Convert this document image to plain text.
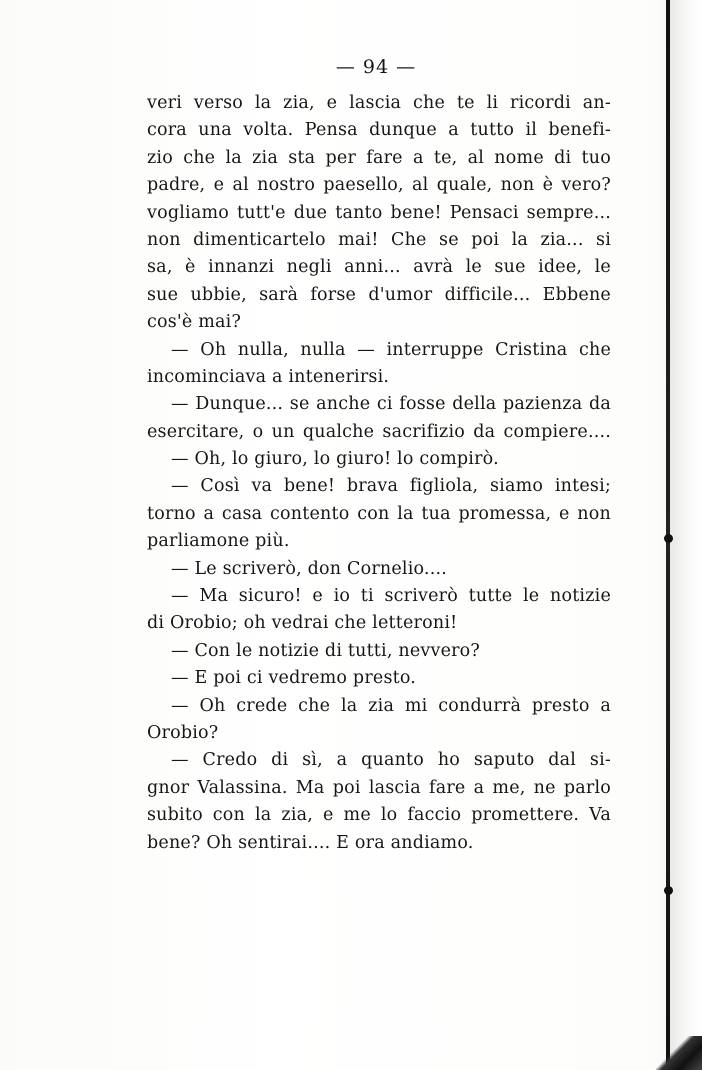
— 94 —
veri verso la zia, e lascia che te li ricordi an-
cora una volta. Pensa dunque a tutto il benefi-
zio che la zia sta per fare a te, al nome di tuo
padre, e al nostro paesello, al quale, non è vero?
vogliamo tutt'e due tanto bene! Pensaci sempre...
non dimenticartelo mai! Che se poi la zia... si
sa, è innanzi negli anni... avrà le sue idee, le
sue ubbie, sarà forse d'umor difficile... Ebbene
cos'è mai?
— Oh nulla, nulla — interruppe Cristina che
incominciava a intenerirsi.
— Dunque... se anche ci fosse della pazienza da
esercitare, o un qualche sacrifizio da compiere....
— Oh, lo giuro, lo giuro! lo compirò.
— Così va bene! brava figliola, siamo intesi;
torno a casa contento con la tua promessa, e non
parliamone più.
— Le scriverò, don Cornelio....
— Ma sicuro! e io ti scriverò tutte le notizie
di Orobio; oh vedrai che letteroni!
— Con le notizie di tutti, nevvero?
— E poi ci vedremo presto.
— Oh crede che la zia mi condurrà presto a
Orobio?
— Credo di sì, a quanto ho saputo dal si-
gnor Valassina. Ma poi lascia fare a me, ne parlo
subito con la zia, e me lo faccio promettere. Va
bene? Oh sentirai.... E ora andiamo.
